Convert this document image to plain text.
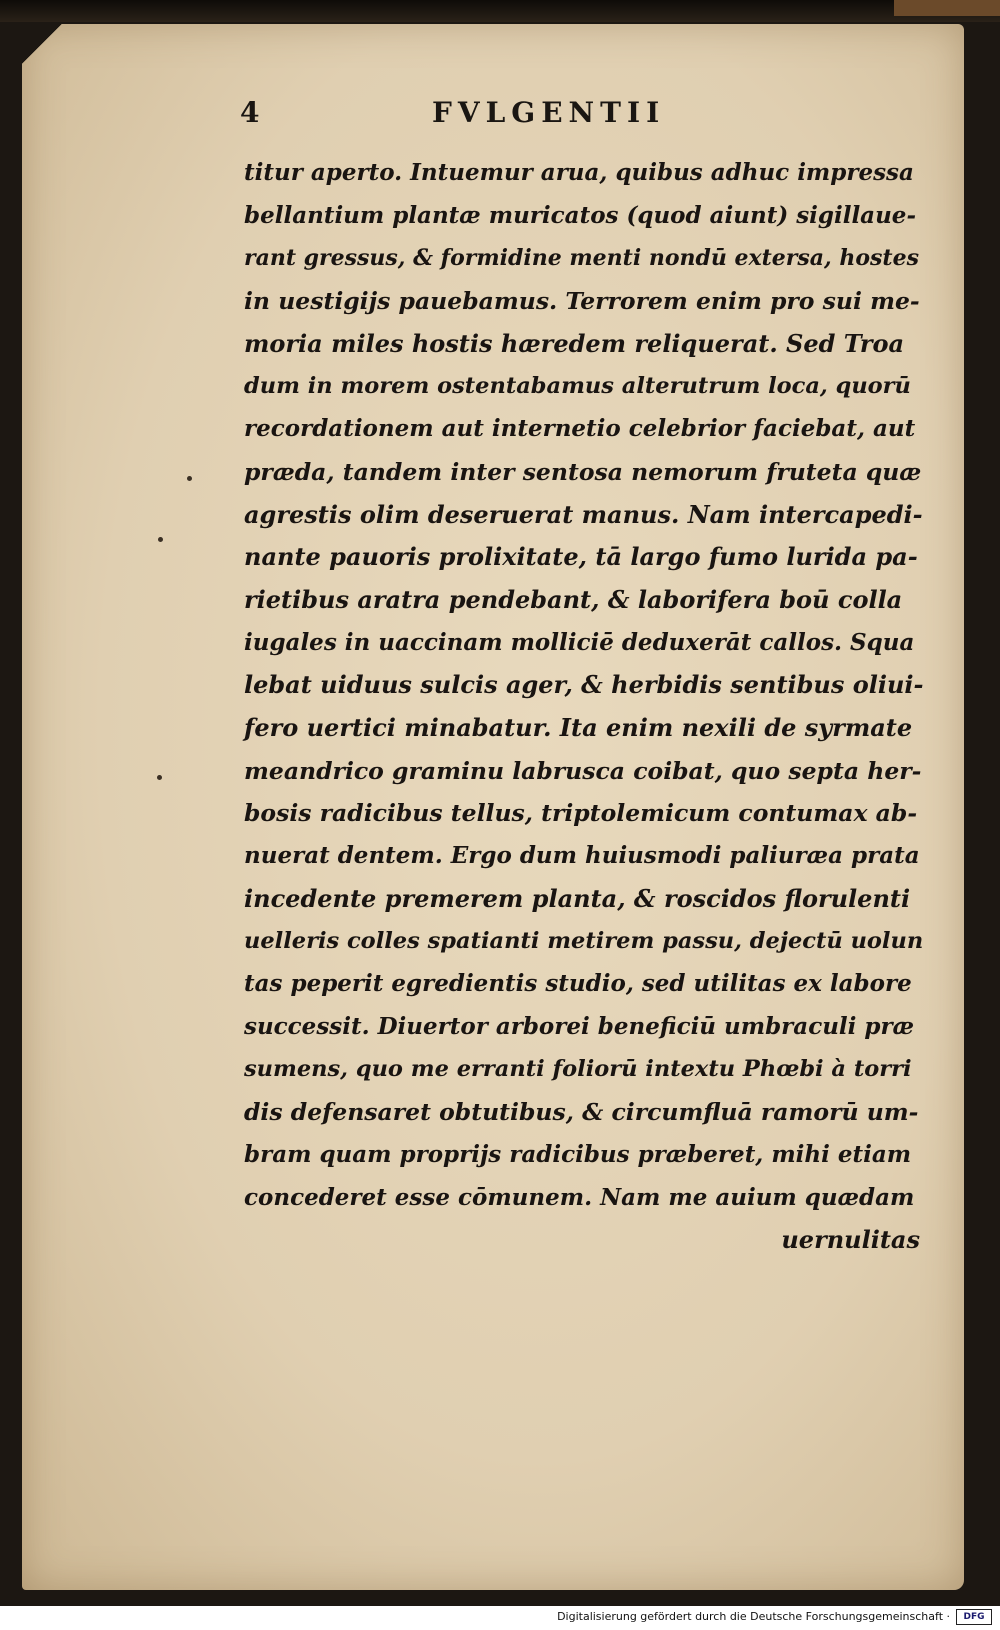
4	FVLGENTII
titur aperto. Intuemur arua, quibus adhuc impressa
bellantium plantæ muricatos (quod aiunt) sigillaue-
rant gressus, & formidine menti nondū extersa, hostes
in uestigijs pauebamus. Terrorem enim pro sui me-
moria miles hostis hæredem reliquerat. Sed Troa
dum in morem ostentabamus alterutrum loca, quorū
recordationem aut internetio celebrior faciebat, aut
præda, tandem inter sentosa nemorum fruteta quæ
agrestis olim deseruerat manus. Nam intercapedi-
nante pauoris prolixitate, tā largo fumo lurida pa-
rietibus aratra pendebant, & laborifera boū colla
iugales in uaccinam molliciē deduxerāt callos. Squa
lebat uiduus sulcis ager, & herbidis sentibus oliui-
fero uertici minabatur. Ita enim nexili de syrmate
meandrico graminu labrusca coibat, quo septa her-
bosis radicibus tellus, triptolemicum contumax ab-
nuerat dentem. Ergo dum huiusmodi paliuræa prata
incedente premerem planta, & roscidos florulenti
uelleris colles spatianti metirem passu, dejectū uolun
tas peperit egredientis studio, sed utilitas ex labore
successit. Diuertor arborei beneficiū umbraculi præ
sumens, quo me erranti foliorū intextu Phœbi à torri
dis defensaret obtutibus, & circumfluā ramorū um-
bram quam proprijs radicibus præberet, mihi etiam
concederet esse cōmunem. Nam me auium quædam
uernulitas
Digitalisierung gefördert durch die Deutsche Forschungsgemeinschaft ·	DFG
